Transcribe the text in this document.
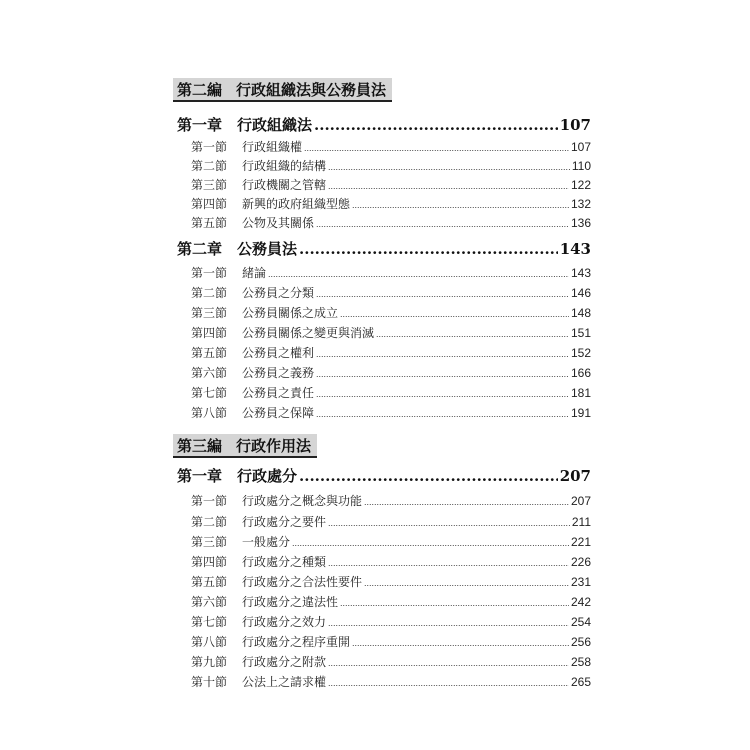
第二編 行政組織法與公務員法
第一章 行政組織法 .....	107
第一節	行政組織權 .....	107
第二節	行政組織的結構 .....	110
第三節	行政機關之管轄 .....	122
第四節	新興的政府組織型態 .....	132
第五節	公物及其關係 .....	136
第二章 公務員法 .....	143
第一節	緒論 .....	143
第二節	公務員之分類 .....	146
第三節	公務員關係之成立 .....	148
第四節	公務員關係之變更與消滅 .....	151
第五節	公務員之權利 .....	152
第六節	公務員之義務 .....	166
第七節	公務員之責任 .....	181
第八節	公務員之保障 .....	191
第三編 行政作用法
第一章 行政處分 .....	207
第一節	行政處分之概念與功能 .....	207
第二節	行政處分之要件 .....	211
第三節	一般處分 .....	221
第四節	行政處分之種類 .....	226
第五節	行政處分之合法性要件 .....	231
第六節	行政處分之違法性 .....	242
第七節	行政處分之效力 .....	254
第八節	行政處分之程序重開 .....	256
第九節	行政處分之附款 .....	258
第十節	公法上之請求權 .....	265
